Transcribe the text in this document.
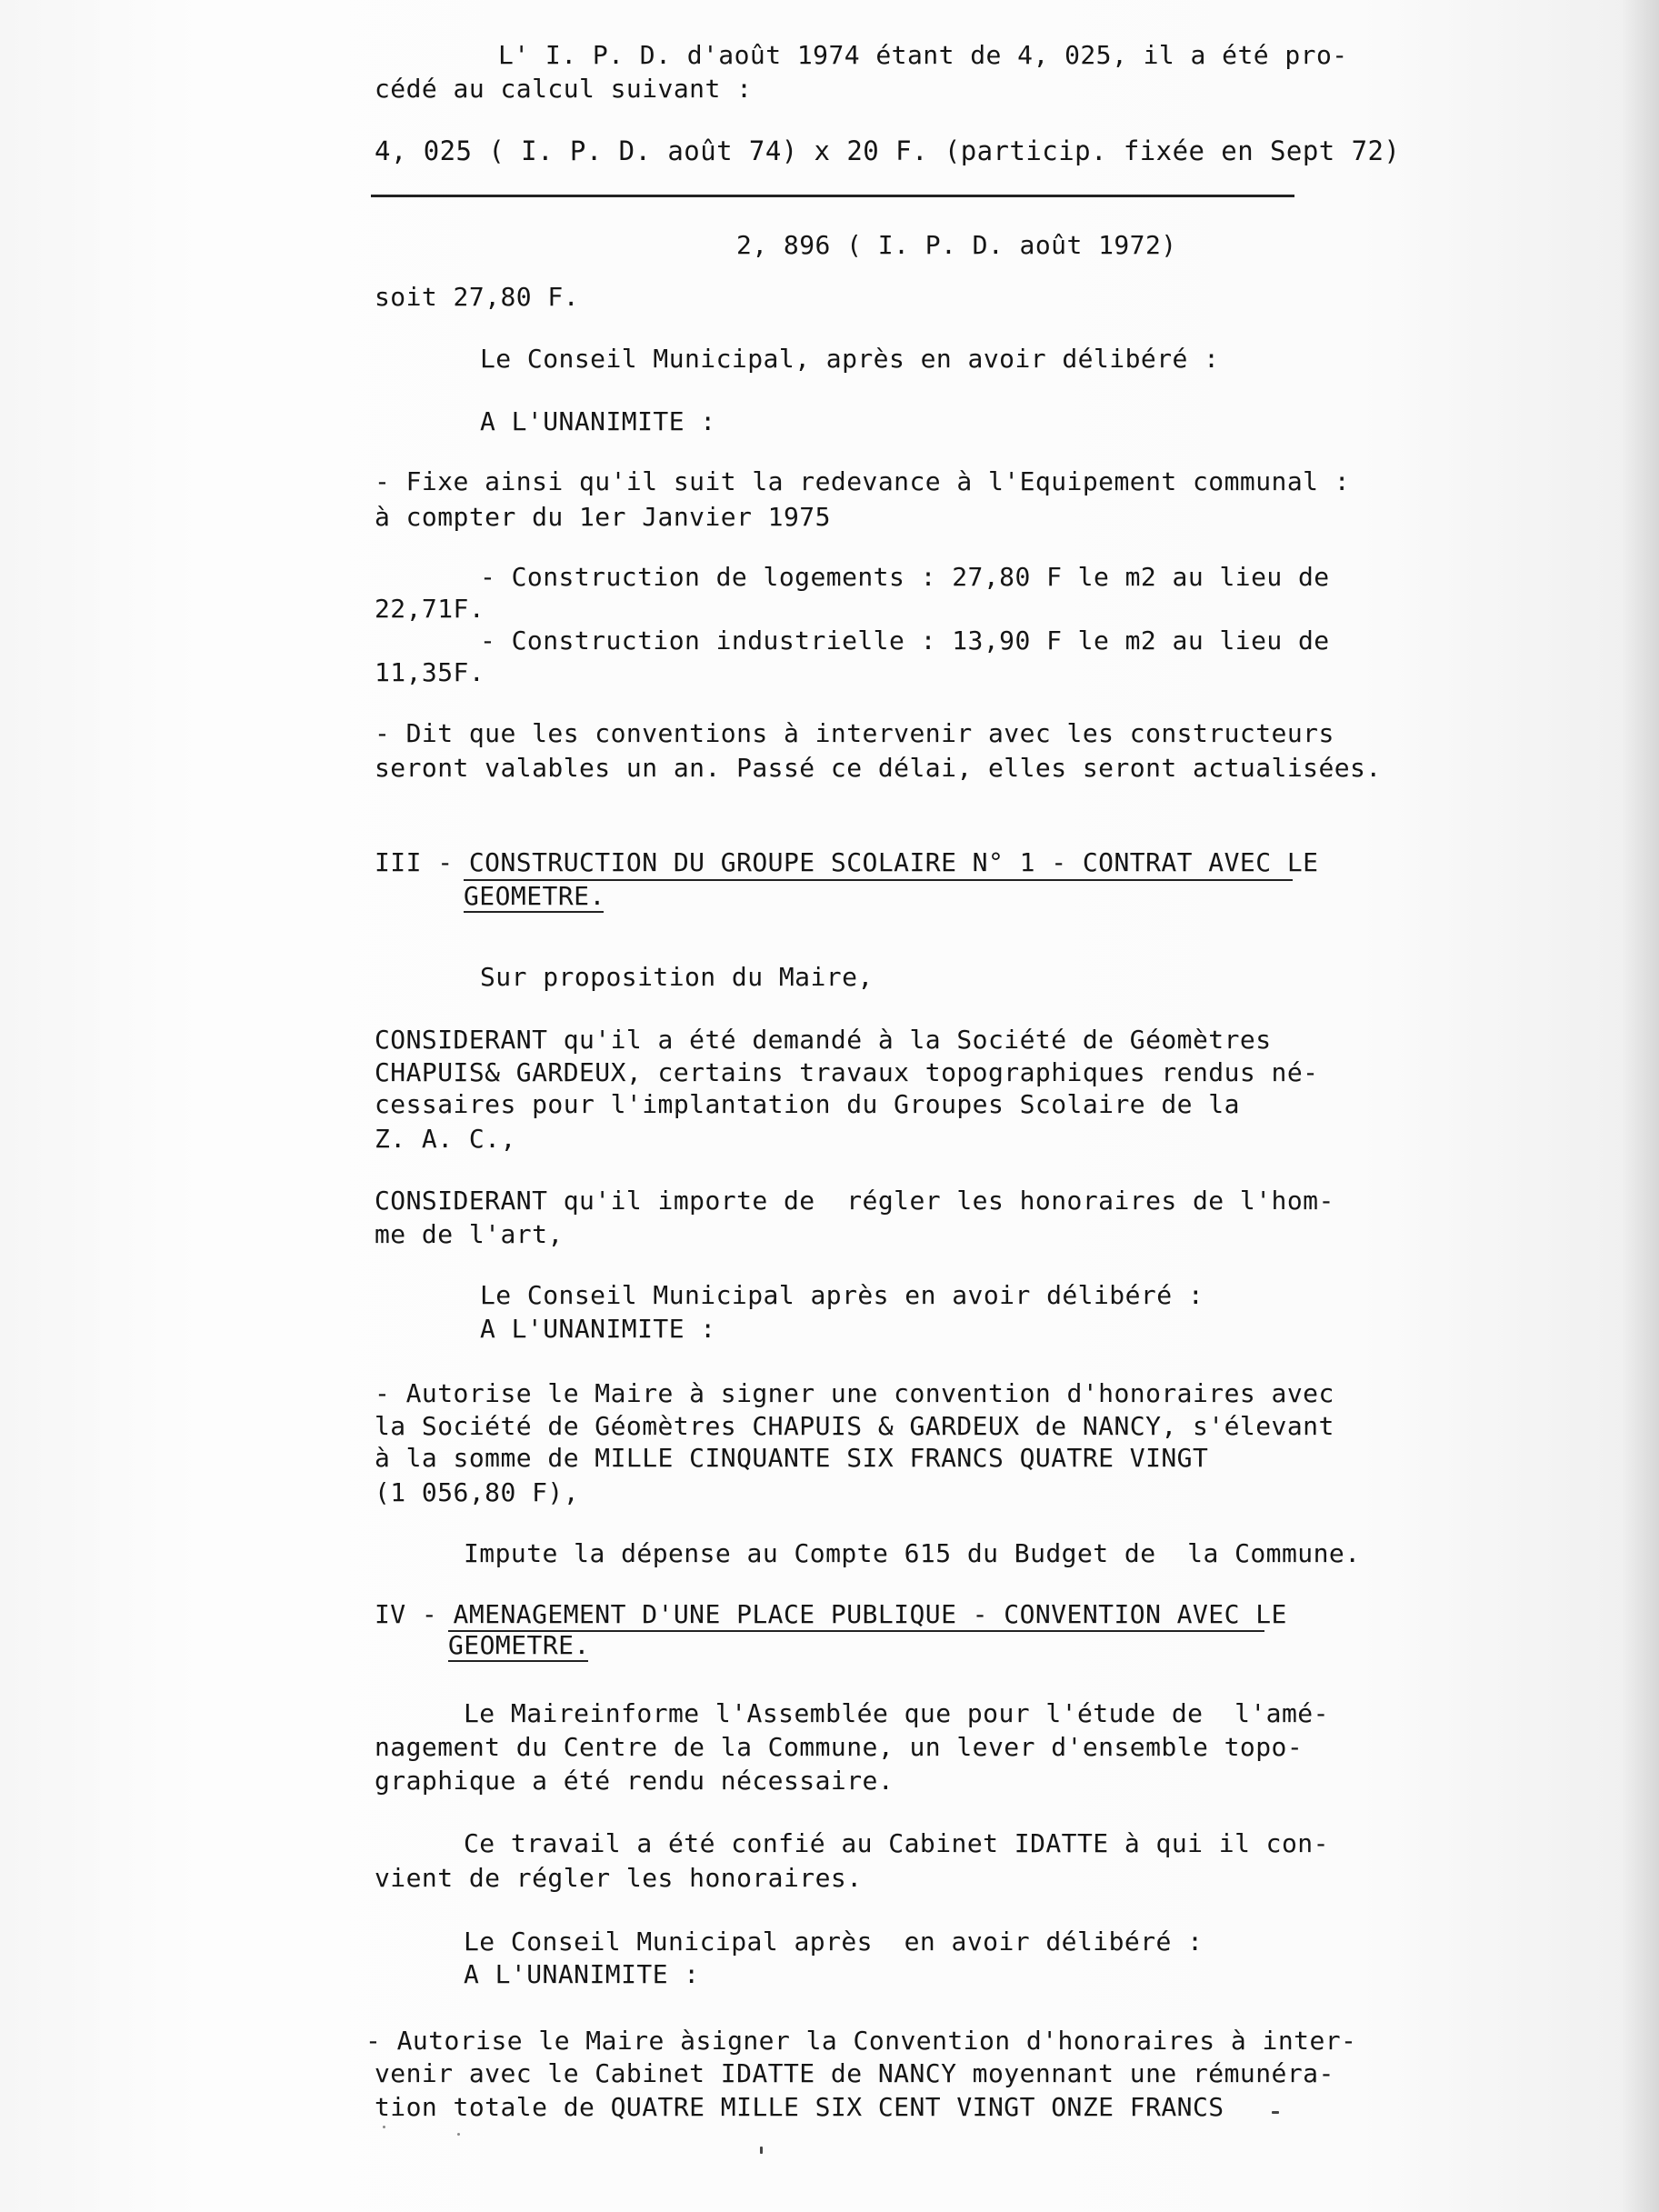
L' I. P. D. d'août 1974 étant de 4, 025, il a été pro-
cédé au calcul suivant :
4, 025 ( I. P. D. août 74) x 20 F. (particip. fixée en Sept 72)
2, 896 ( I. P. D. août 1972)
soit 27,80 F.
Le Conseil Municipal, après en avoir délibéré :
A L'UNANIMITE :
- Fixe ainsi qu'il suit la redevance à l'Equipement communal :
à compter du 1er Janvier 1975
- Construction de logements : 27,80 F le m2 au lieu de
22,71F.
- Construction industrielle : 13,90 F le m2 au lieu de
11,35F.
- Dit que les conventions à intervenir avec les constructeurs
seront valables un an. Passé ce délai, elles seront actualisées.
III - CONSTRUCTION DU GROUPE SCOLAIRE N° 1 - CONTRAT AVEC LE
GEOMETRE.
Sur proposition du Maire,
CONSIDERANT qu'il a été demandé à la Société de Géomètres
CHAPUIS& GARDEUX, certains travaux topographiques rendus né-
cessaires pour l'implantation du Groupes Scolaire de la
Z. A. C.,
CONSIDERANT qu'il importe de  régler les honoraires de l'hom-
me de l'art,
Le Conseil Municipal après en avoir délibéré :
A L'UNANIMITE :
- Autorise le Maire à signer une convention d'honoraires avec
la Société de Géomètres CHAPUIS & GARDEUX de NANCY, s'élevant
à la somme de MILLE CINQUANTE SIX FRANCS QUATRE VINGT
(1 056,80 F),
Impute la dépense au Compte 615 du Budget de  la Commune.
IV - AMENAGEMENT D'UNE PLACE PUBLIQUE - CONVENTION AVEC LE
GEOMETRE.
Le Maireinforme l'Assemblée que pour l'étude de  l'amé-
nagement du Centre de la Commune, un lever d'ensemble topo-
graphique a été rendu nécessaire.
Ce travail a été confié au Cabinet IDATTE à qui il con-
vient de régler les honoraires.
Le Conseil Municipal après  en avoir délibéré :
A L'UNANIMITE :
- Autorise le Maire àsigner la Convention d'honoraires à inter-
venir avec le Cabinet IDATTE de NANCY moyennant une rémunéra-
tion totale de QUATRE MILLE SIX CENT VINGT ONZE FRANCS
